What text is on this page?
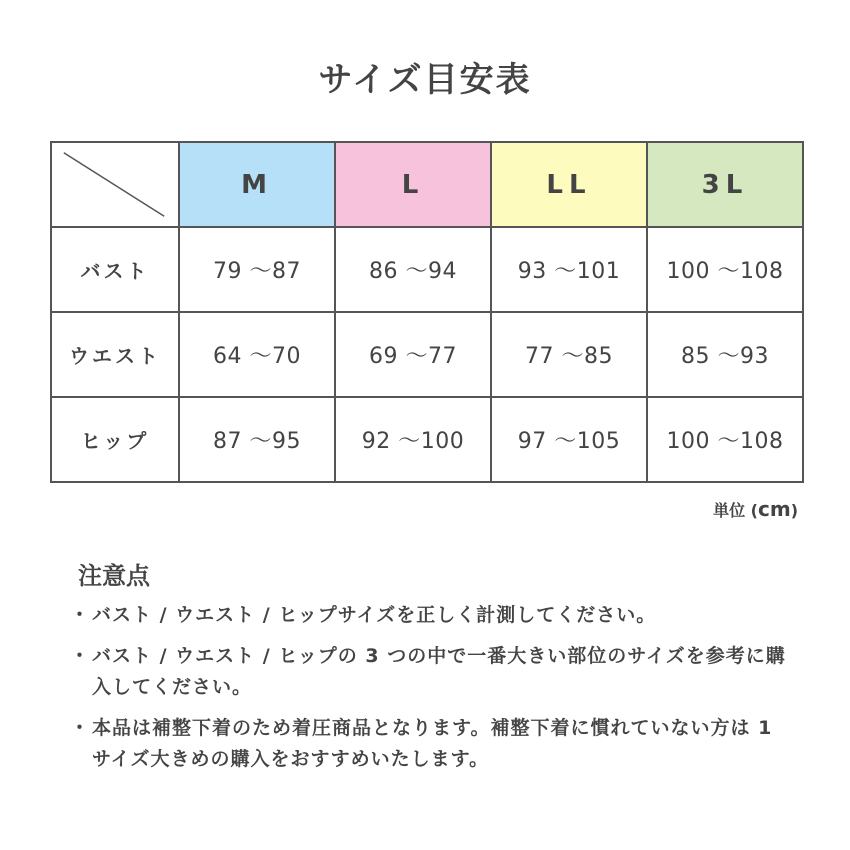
サイズ目安表
	M	L	LL	3L
バスト	79 ～87	86 ～94	93 ～101	100 ～108
ウエスト	64 ～70	69 ～77	77 ～85	85 ～93
ヒップ	87 ～95	92 ～100	97 ～105	100 ～108
単位 (cm)
注意点
・ バスト / ウエスト / ヒップサイズを正しく計測してください。
・ バスト / ウエスト / ヒップの 3 つの中で一番大きい部位のサイズを参考に購入してください。
・ 本品は補整下着のため着圧商品となります。補整下着に慣れていない方は 1 サイズ大きめの購入をおすすめいたします。
